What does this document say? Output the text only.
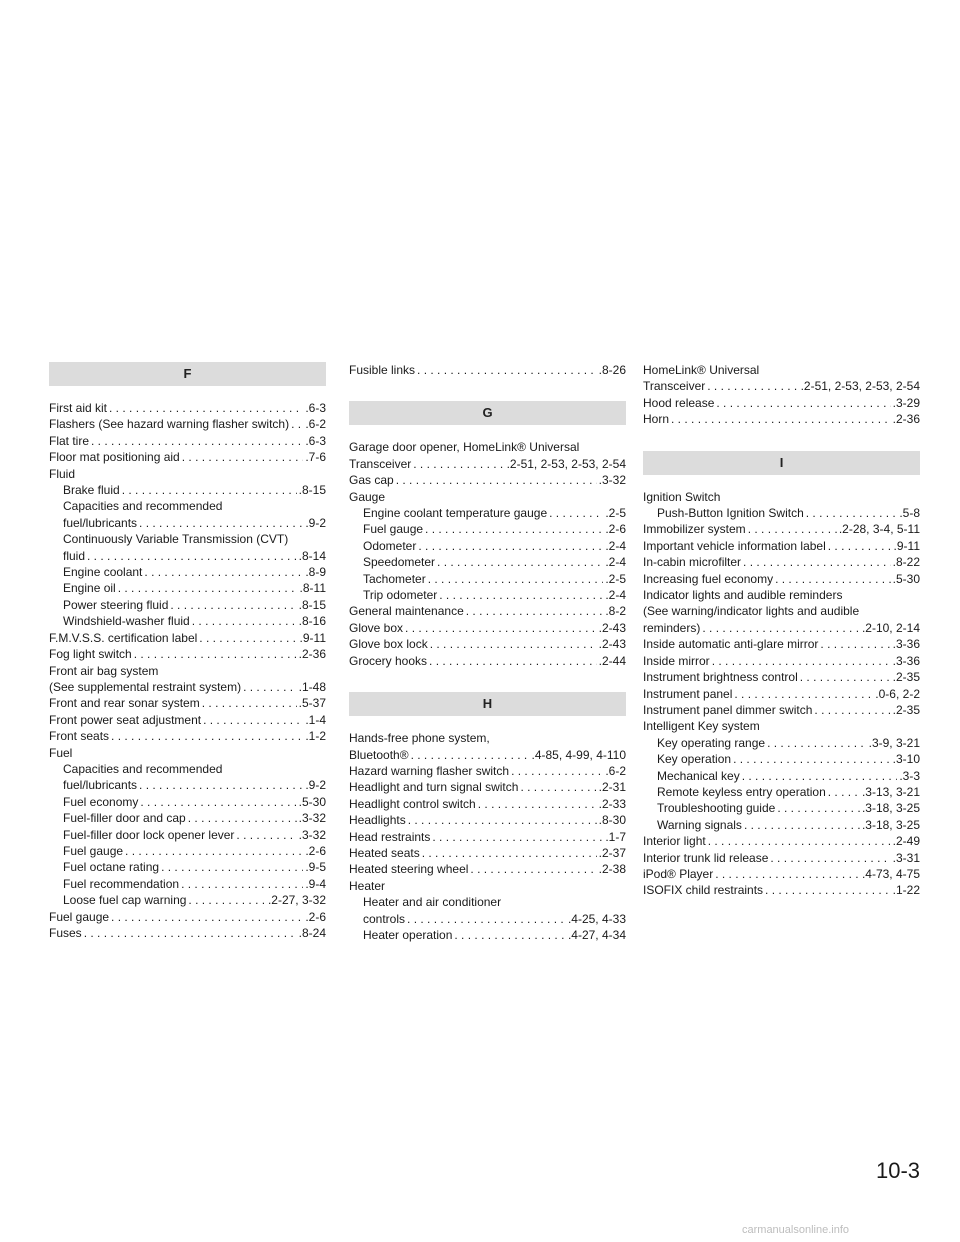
F
First aid kit . . .	.6-3
Flashers (See hazard warning flasher switch) . . . .6-2
Flat tire . . .	.6-3
Floor mat positioning aid . . .	.7-6
Fluid
Brake fluid . . .	.8-15
Capacities and recommended
fuel/lubricants . . .	.9-2
Continuously Variable Transmission (CVT)
fluid . . .	.8-14
Engine coolant . . .	.8-9
Engine oil . . .	.8-11
Power steering fluid . . .	.8-15
Windshield-washer fluid . . .	.8-16
F.M.V.S.S. certification label . . .	.9-11
Fog light switch . . .	.2-36
Front air bag system
(See supplemental restraint system) . . .	.1-48
Front and rear sonar system . . .	.5-37
Front power seat adjustment . . .	.1-4
Front seats . . .	.1-2
Fuel
Capacities and recommended
fuel/lubricants . . .	.9-2
Fuel economy . . .	.5-30
Fuel-filler door and cap . . .	.3-32
Fuel-filler door lock opener lever . . .	.3-32
Fuel gauge . . .	.2-6
Fuel octane rating . . .	.9-5
Fuel recommendation . . .	.9-4
Loose fuel cap warning . . .	.2-27, 3-32
Fuel gauge . . .	.2-6
Fuses . . .	.8-24
Fusible links . . .	.8-26
G
Garage door opener, HomeLink® Universal
Transceiver . . .	.2-51, 2-53, 2-53, 2-54
Gas cap . . .	.3-32
Gauge
Engine coolant temperature gauge . . .	.2-5
Fuel gauge . . .	.2-6
Odometer . . .	.2-4
Speedometer . . .	.2-4
Tachometer . . .	.2-5
Trip odometer . . .	.2-4
General maintenance . . .	.8-2
Glove box . . .	.2-43
Glove box lock . . .	.2-43
Grocery hooks . . .	.2-44
H
Hands-free phone system,
Bluetooth® . . .	.4-85, 4-99, 4-110
Hazard warning flasher switch . . .	.6-2
Headlight and turn signal switch . . .	.2-31
Headlight control switch . . .	.2-33
Headlights . . .	.8-30
Head restraints . . .	.1-7
Heated seats . . .	.2-37
Heated steering wheel . . .	.2-38
Heater
Heater and air conditioner
controls . . .	.4-25, 4-33
Heater operation . . .	.4-27, 4-34
HomeLink® Universal
Transceiver . . .	.2-51, 2-53, 2-53, 2-54
Hood release . . .	.3-29
Horn . . .	.2-36
I
Ignition Switch
Push-Button Ignition Switch . . .	.5-8
Immobilizer system . . .	.2-28, 3-4, 5-11
Important vehicle information label . . .	.9-11
In-cabin microfilter . . .	.8-22
Increasing fuel economy . . .	.5-30
Indicator lights and audible reminders
(See warning/indicator lights and audible
reminders) . . .	.2-10, 2-14
Inside automatic anti-glare mirror . . .	.3-36
Inside mirror . . .	.3-36
Instrument brightness control . . .	.2-35
Instrument panel . . .	.0-6, 2-2
Instrument panel dimmer switch . . .	.2-35
Intelligent Key system
Key operating range . . .	.3-9, 3-21
Key operation . . .	.3-10
Mechanical key . . .	.3-3
Remote keyless entry operation . . .	.3-13, 3-21
Troubleshooting guide . . .	.3-18, 3-25
Warning signals . . .	.3-18, 3-25
Interior light . . .	.2-49
Interior trunk lid release . . .	.3-31
iPod® Player . . .	.4-73, 4-75
ISOFIX child restraints . . .	.1-22
10-3
carmanualsonline.info
